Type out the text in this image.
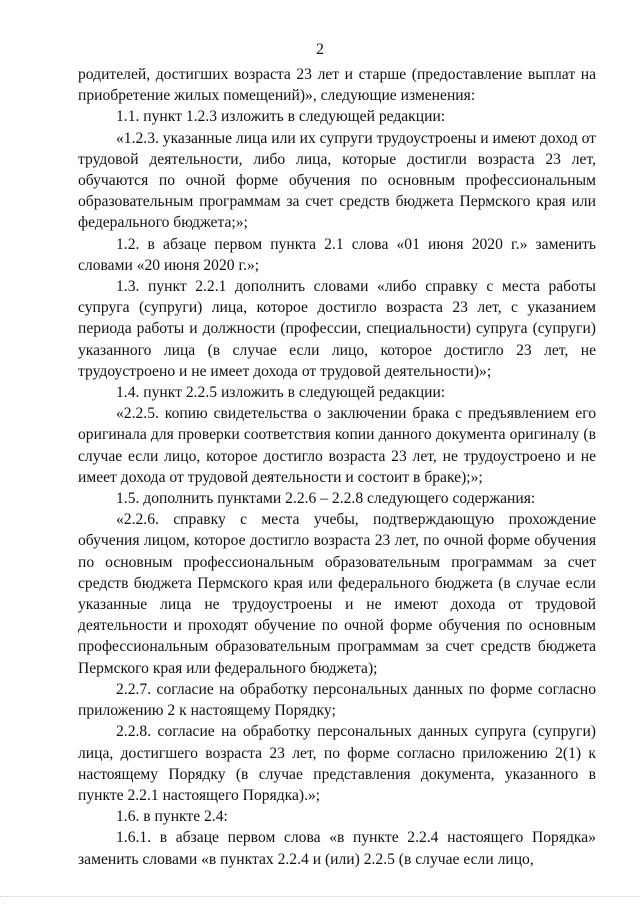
2

родителей, достигших возраста 23 лет и старше (предоставление выплат на приобретение жилых помещений)», следующие изменения:

1.1. пункт 1.2.3 изложить в следующей редакции:

«1.2.3. указанные лица или их супруги трудоустроены и имеют доход от трудовой деятельности, либо лица, которые достигли возраста 23 лет, обучаются по очной форме обучения по основным профессиональным образовательным программам за счет средств бюджета Пермского края или федерального бюджета;»;

1.2. в абзаце первом пункта 2.1 слова «01 июня 2020 г.» заменить словами «20 июня 2020 г.»;

1.3. пункт 2.2.1 дополнить словами «либо справку с места работы супруга (супруги) лица, которое достигло возраста 23 лет, с указанием периода работы и должности (профессии, специальности) супруга (супруги) указанного лица (в случае если лицо, которое достигло 23 лет, не трудоустроено и не имеет дохода от трудовой деятельности)»;

1.4. пункт 2.2.5 изложить в следующей редакции:

«2.2.5. копию свидетельства о заключении брака с предъявлением его оригинала для проверки соответствия копии данного документа оригиналу (в случае если лицо, которое достигло возраста 23 лет, не трудоустроено и не имеет дохода от трудовой деятельности и состоит в браке);»;

1.5. дополнить пунктами 2.2.6 – 2.2.8 следующего содержания:

«2.2.6. справку с места учебы, подтверждающую прохождение обучения лицом, которое достигло возраста 23 лет, по очной форме обучения по основным профессиональным образовательным программам за счет средств бюджета Пермского края или федерального бюджета (в случае если указанные лица не трудоустроены и не имеют дохода от трудовой деятельности и проходят обучение по очной форме обучения по основным профессиональным образовательным программам за счет средств бюджета Пермского края или федерального бюджета);

2.2.7. согласие на обработку персональных данных по форме согласно приложению 2 к настоящему Порядку;

2.2.8. согласие на обработку персональных данных супруга (супруги) лица, достигшего возраста 23 лет, по форме согласно приложению 2(1) к настоящему Порядку (в случае представления документа, указанного в пункте 2.2.1 настоящего Порядка).»;

1.6. в пункте 2.4:

1.6.1. в абзаце первом слова «в пункте 2.2.4 настоящего Порядка» заменить словами «в пунктах 2.2.4 и (или) 2.2.5 (в случае если лицо,
